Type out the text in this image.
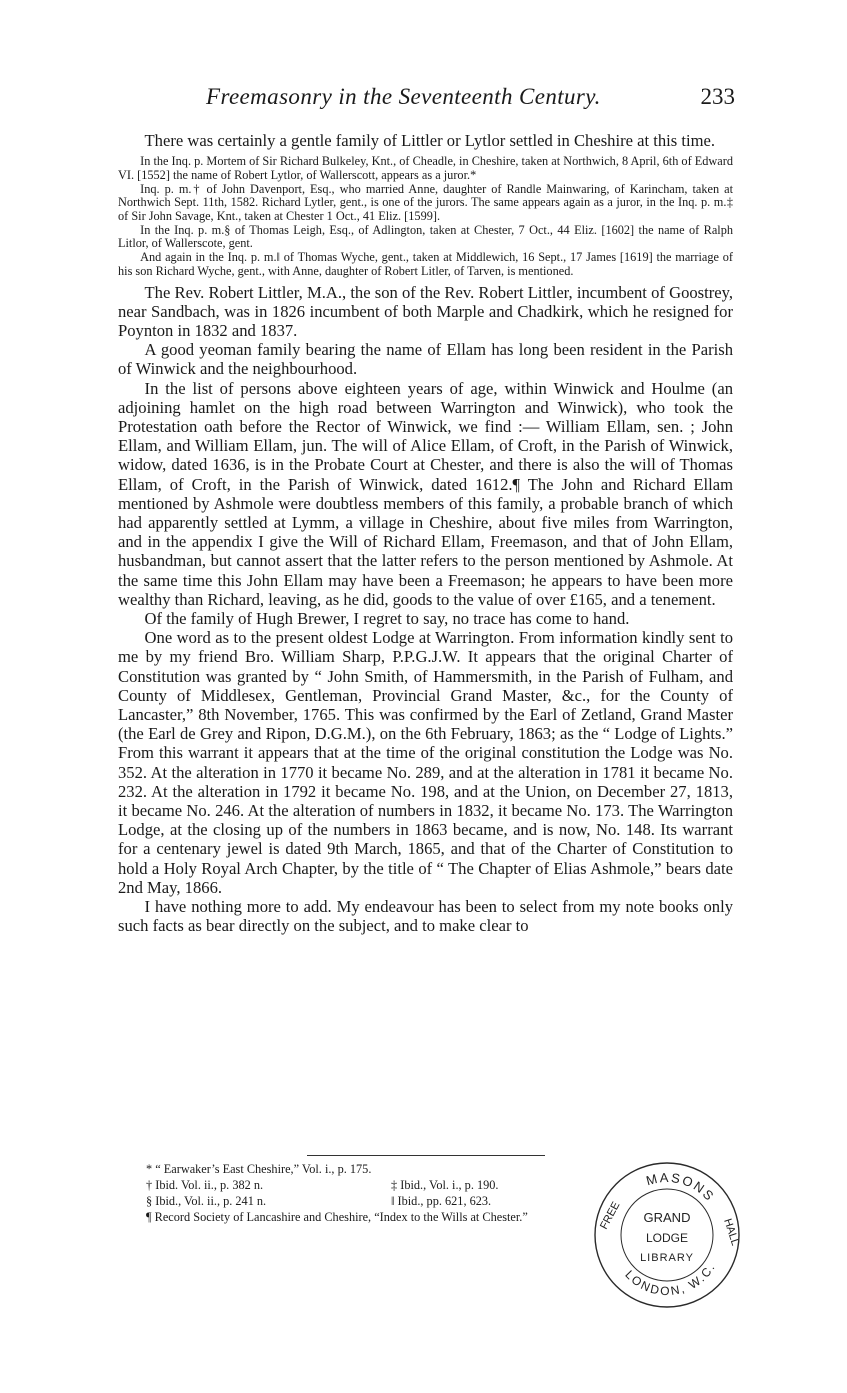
Freemasonry in the Seventeenth Century.	233

There was certainly a gentle family of Littler or Lytlor settled in Cheshire at this time.

In the Inq. p. Mortem of Sir Richard Bulkeley, Knt., of Cheadle, in Cheshire, taken at Northwich, 8 April, 6th of Edward VI. [1552] the name of Robert Lytlor, of Wallerscott, appears as a juror.*

Inq. p. m.† of John Davenport, Esq., who married Anne, daughter of Randle Mainwaring, of Karincham, taken at Northwich Sept. 11th, 1582. Richard Lytler, gent., is one of the jurors. The same appears again as a juror, in the Inq. p. m.‡ of Sir John Savage, Knt., taken at Chester 1 Oct., 41 Eliz. [1599].

In the Inq. p. m.§ of Thomas Leigh, Esq., of Adlington, taken at Chester, 7 Oct., 44 Eliz. [1602] the name of Ralph Litlor, of Wallerscote, gent.

And again in the Inq. p. m.‖ of Thomas Wyche, gent., taken at Middlewich, 16 Sept., 17 James [1619] the marriage of his son Richard Wyche, gent., with Anne, daughter of Robert Litler, of Tarven, is mentioned.

The Rev. Robert Littler, M.A., the son of the Rev. Robert Littler, incumbent of Goostrey, near Sandbach, was in 1826 incumbent of both Marple and Chadkirk, which he resigned for Poynton in 1832 and 1837.

A good yeoman family bearing the name of Ellam has long been resident in the Parish of Winwick and the neighbourhood.

In the list of persons above eighteen years of age, within Winwick and Houlme (an adjoining hamlet on the high road between Warrington and Winwick), who took the Protestation oath before the Rector of Winwick, we find :— William Ellam, sen. ; John Ellam, and William Ellam, jun. The will of Alice Ellam, of Croft, in the Parish of Winwick, widow, dated 1636, is in the Probate Court at Chester, and there is also the will of Thomas Ellam, of Croft, in the Parish of Winwick, dated 1612.¶ The John and Richard Ellam mentioned by Ashmole were doubtless members of this family, a probable branch of which had apparently settled at Lymm, a village in Cheshire, about five miles from Warrington, and in the appendix I give the Will of Richard Ellam, Freemason, and that of John Ellam, husbandman, but cannot assert that the latter refers to the person mentioned by Ashmole. At the same time this John Ellam may have been a Freemason; he appears to have been more wealthy than Richard, leaving, as he did, goods to the value of over £165, and a tenement.

Of the family of Hugh Brewer, I regret to say, no trace has come to hand.

One word as to the present oldest Lodge at Warrington. From information kindly sent to me by my friend Bro. William Sharp, P.P.G.J.W. It appears that the original Charter of Constitution was granted by “ John Smith, of Hammersmith, in the Parish of Fulham, and County of Middlesex, Gentleman, Provincial Grand Master, &c., for the County of Lancaster,” 8th November, 1765. This was confirmed by the Earl of Zetland, Grand Master (the Earl de Grey and Ripon, D.G.M.), on the 6th February, 1863; as the “ Lodge of Lights.” From this warrant it appears that at the time of the original constitution the Lodge was No. 352. At the alteration in 1770 it became No. 289, and at the alteration in 1781 it became No. 232. At the alteration in 1792 it became No. 198, and at the Union, on December 27, 1813, it became No. 246. At the alteration of numbers in 1832, it became No. 173. The Warrington Lodge, at the closing up of the numbers in 1863 became, and is now, No. 148. Its warrant for a centenary jewel is dated 9th March, 1865, and that of the Charter of Constitution to hold a Holy Royal Arch Chapter, by the title of “ The Chapter of Elias Ashmole,” bears date 2nd May, 1866.

I have nothing more to add. My endeavour has been to select from my note books only such facts as bear directly on the subject, and to make clear to

* “ Earwaker’s East Cheshire,” Vol. i., p. 175.
† Ibid. Vol. ii., p. 382 n.	‡ Ibid., Vol. i., p. 190.
§ Ibid., Vol. ii., p. 241 n.	‖ Ibid., pp. 621, 623.
¶ Record Society of Lancashire and Cheshire, “Index to the Wills at Chester.”
MASONS
LONDON, W.C.
FREE
HALL
GRAND
LODGE
LIBRARY
